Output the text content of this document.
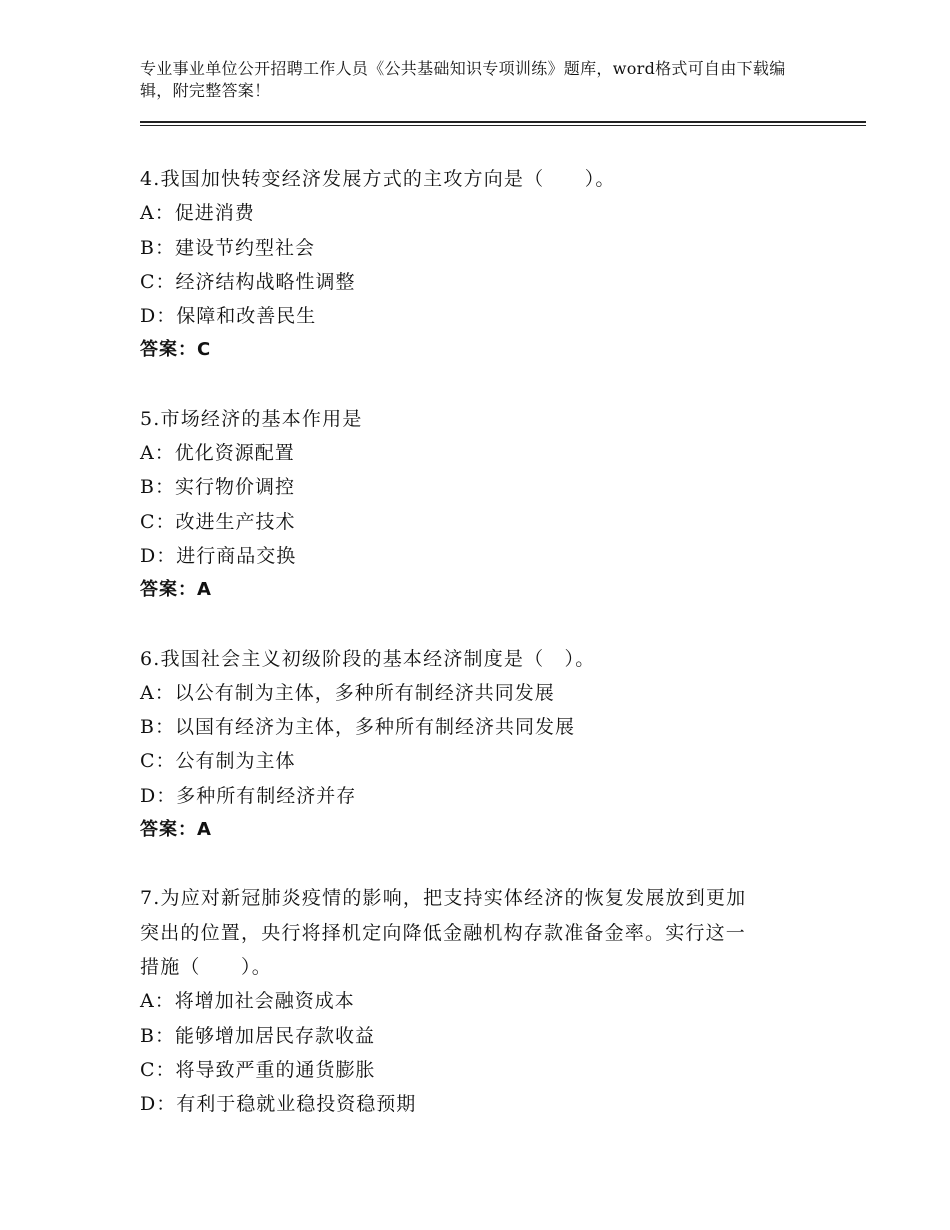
专业事业单位公开招聘工作人员《公共基础知识专项训练》题库，word格式可自由下载编辑，附完整答案！
4.我国加快转变经济发展方式的主攻方向是（　　）。
A：促进消费
B：建设节约型社会
C：经济结构战略性调整
D：保障和改善民生
答案：C
5.市场经济的基本作用是
A：优化资源配置
B：实行物价调控
C：改进生产技术
D：进行商品交换
答案：A
6.我国社会主义初级阶段的基本经济制度是（　）。
A：以公有制为主体，多种所有制经济共同发展
B：以国有经济为主体，多种所有制经济共同发展
C：公有制为主体
D：多种所有制经济并存
答案：A
7.为应对新冠肺炎疫情的影响，把支持实体经济的恢复发展放到更加
突出的位置，央行将择机定向降低金融机构存款准备金率。实行这一
措施（　　）。
A：将增加社会融资成本
B：能够增加居民存款收益
C：将导致严重的通货膨胀
D：有利于稳就业稳投资稳预期
